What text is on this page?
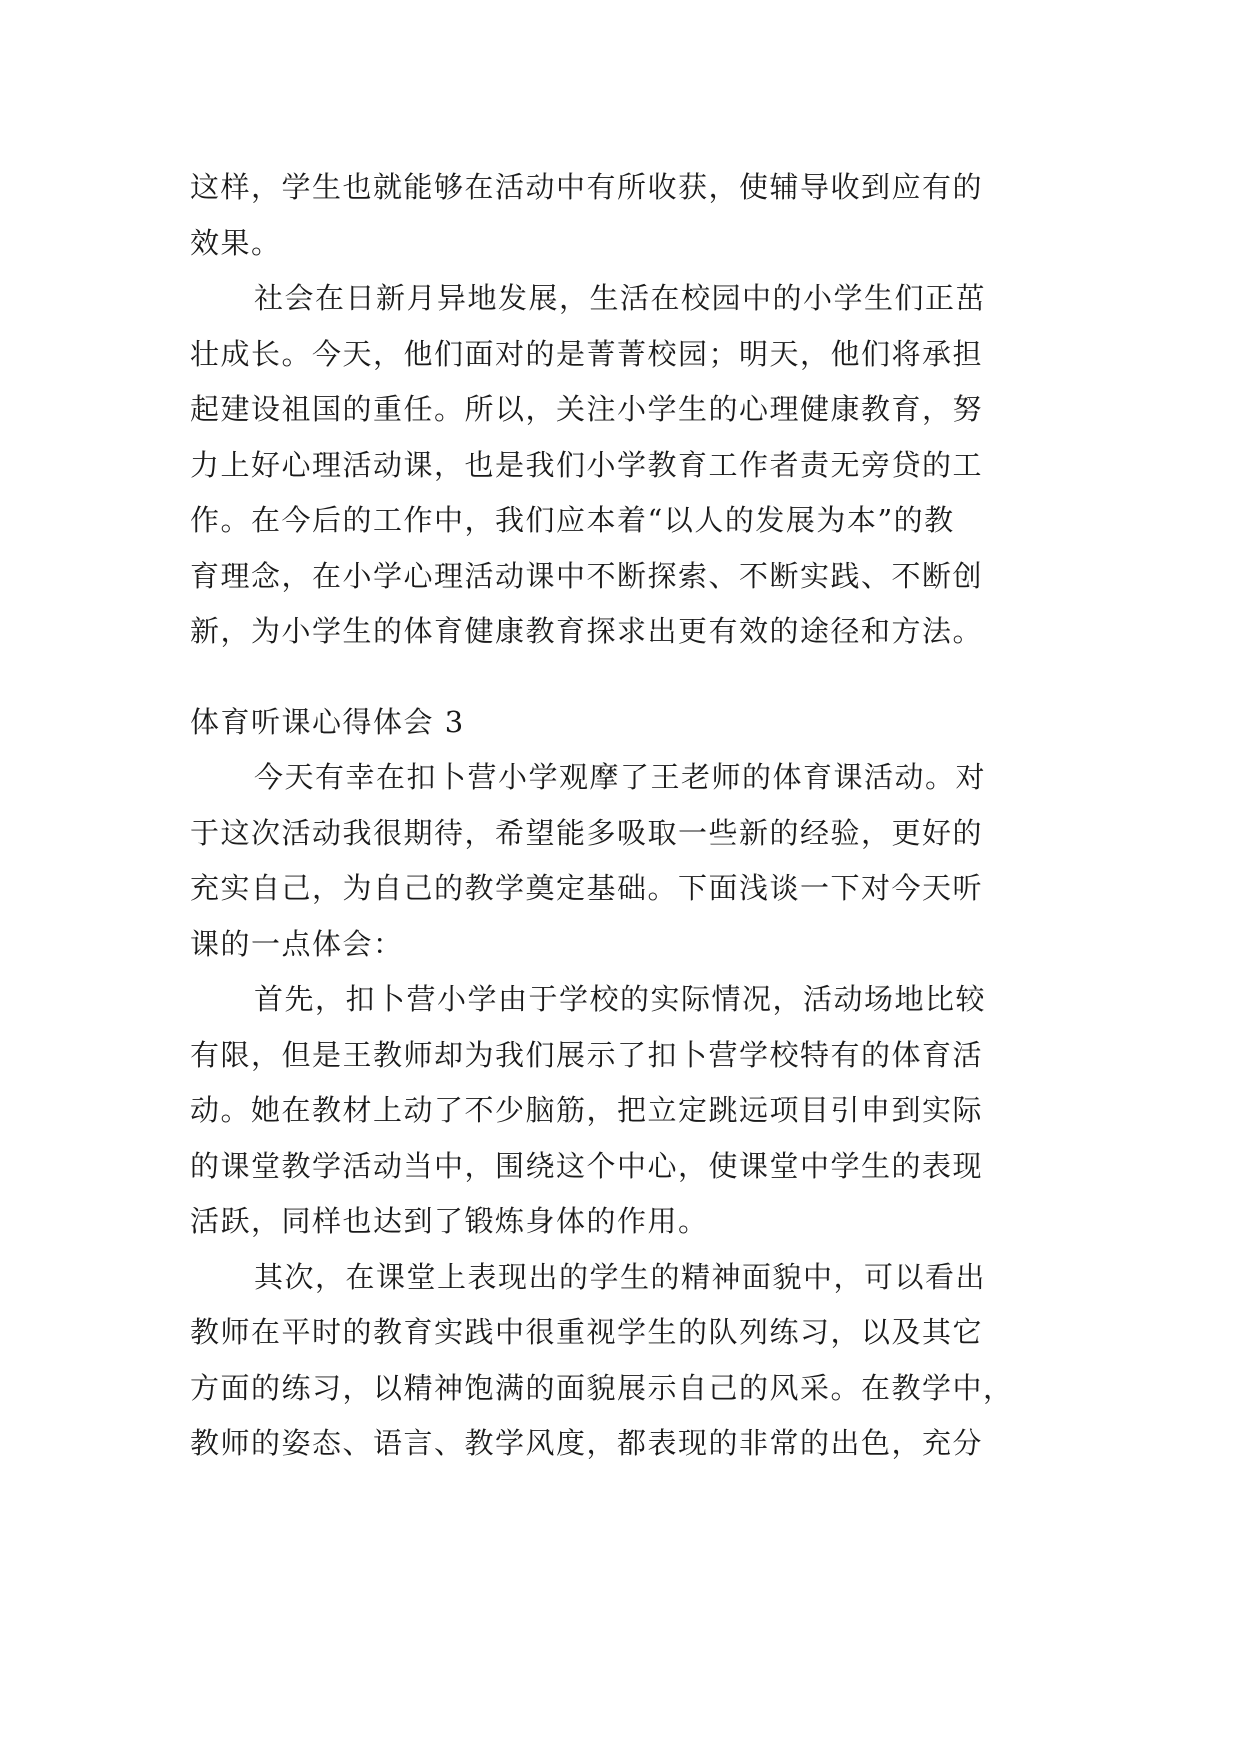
这样，学生也就能够在活动中有所收获，使辅导收到应有的
效果。
社会在日新月异地发展，生活在校园中的小学生们正茁
壮成长。今天，他们面对的是菁菁校园；明天，他们将承担
起建设祖国的重任。所以，关注小学生的心理健康教育，努
力上好心理活动课，也是我们小学教育工作者责无旁贷的工
作。在今后的工作中，我们应本着“以人的发展为本”的教
育理念，在小学心理活动课中不断探索、不断实践、不断创
新，为小学生的体育健康教育探求出更有效的途径和方法。
体育听课心得体会 3
今天有幸在扣卜营小学观摩了王老师的体育课活动。对
于这次活动我很期待，希望能多吸取一些新的经验，更好的
充实自己，为自己的教学奠定基础。下面浅谈一下对今天听
课的一点体会：
首先，扣卜营小学由于学校的实际情况，活动场地比较
有限，但是王教师却为我们展示了扣卜营学校特有的体育活
动。她在教材上动了不少脑筋，把立定跳远项目引申到实际
的课堂教学活动当中，围绕这个中心，使课堂中学生的表现
活跃，同样也达到了锻炼身体的作用。
其次，在课堂上表现出的学生的精神面貌中，可以看出
教师在平时的教育实践中很重视学生的队列练习，以及其它
方面的练习，以精神饱满的面貌展示自己的风采。在教学中，
教师的姿态、语言、教学风度，都表现的非常的出色，充分
